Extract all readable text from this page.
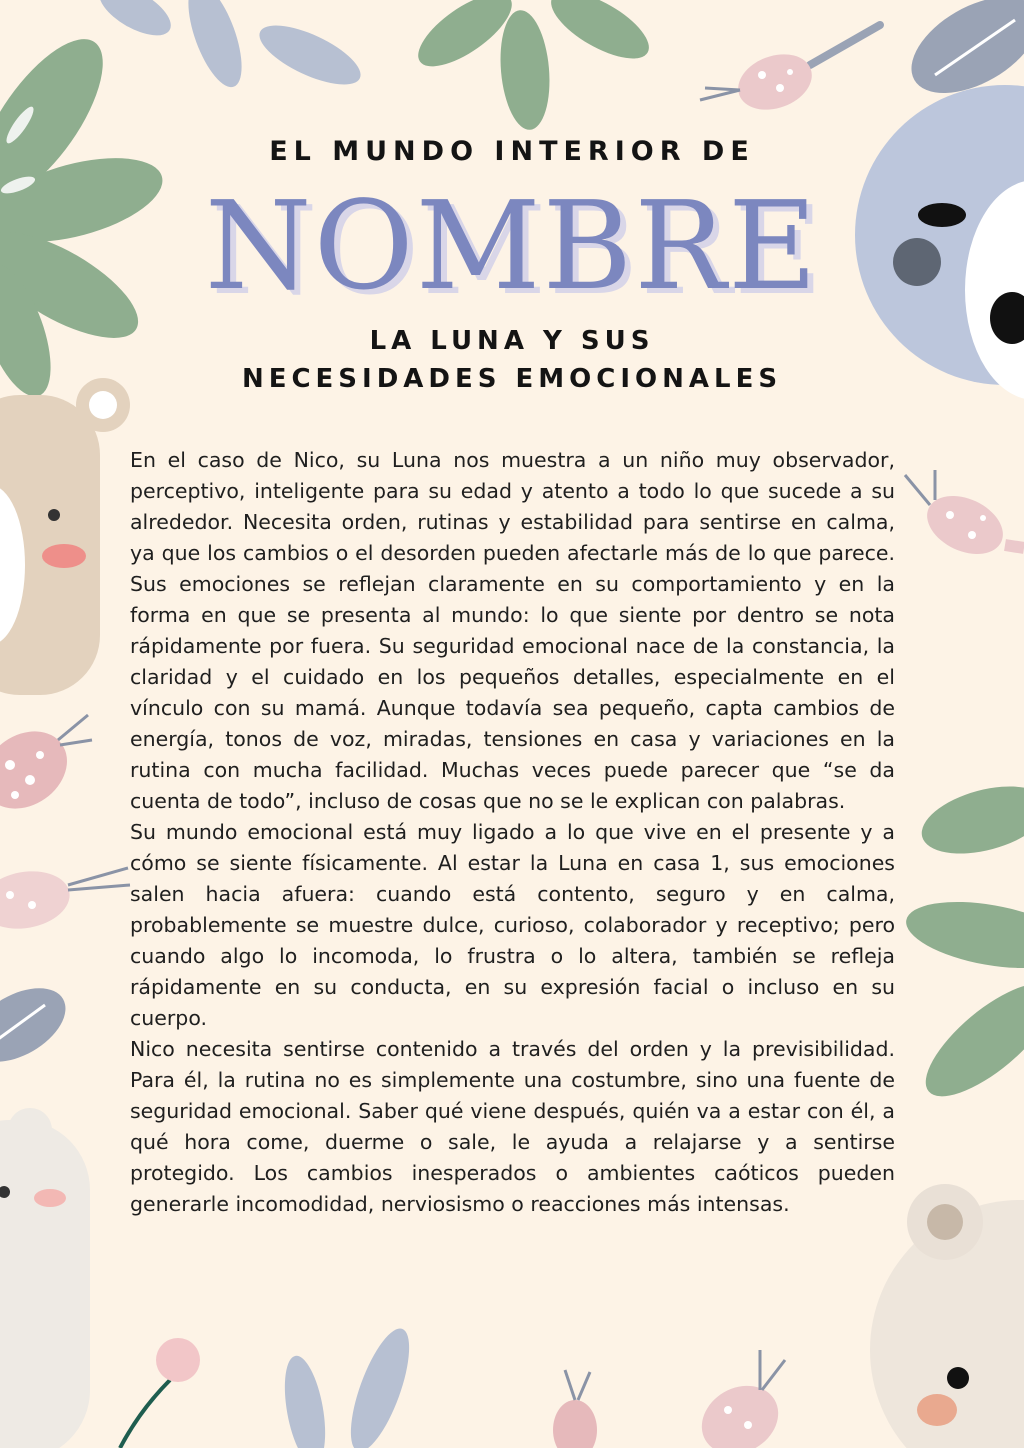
EL MUNDO INTERIOR DE
NOMBRE
LA LUNA Y SUS
NECESIDADES EMOCIONALES

En el caso de Nico, su Luna nos muestra a un niño muy observador, perceptivo, inteligente para su edad y atento a todo lo que sucede a su alrededor. Necesita orden, rutinas y estabilidad para sentirse en calma, ya que los cambios o el desorden pueden afectarle más de lo que parece. Sus emociones se reflejan claramente en su comportamiento y en la forma en que se presenta al mundo: lo que siente por dentro se nota rápidamente por fuera. Su seguridad emocional nace de la constancia, la claridad y el cuidado en los pequeños detalles, especialmente en el vínculo con su mamá. Aunque todavía sea pequeño, capta cambios de energía, tonos de voz, miradas, tensiones en casa y variaciones en la rutina con mucha facilidad. Muchas veces puede parecer que “se da cuenta de todo”, incluso de cosas que no se le explican con palabras.

Su mundo emocional está muy ligado a lo que vive en el presente y a cómo se siente físicamente. Al estar la Luna en casa 1, sus emociones salen hacia afuera: cuando está contento, seguro y en calma, probablemente se muestre dulce, curioso, colaborador y receptivo; pero cuando algo lo incomoda, lo frustra o lo altera, también se refleja rápidamente en su conducta, en su expresión facial o incluso en su cuerpo.

Nico necesita sentirse contenido a través del orden y la previsibilidad. Para él, la rutina no es simplemente una costumbre, sino una fuente de seguridad emocional. Saber qué viene después, quién va a estar con él, a qué hora come, duerme o sale, le ayuda a relajarse y a sentirse protegido. Los cambios inesperados o ambientes caóticos pueden generarle incomodidad, nerviosismo o reacciones más intensas.
